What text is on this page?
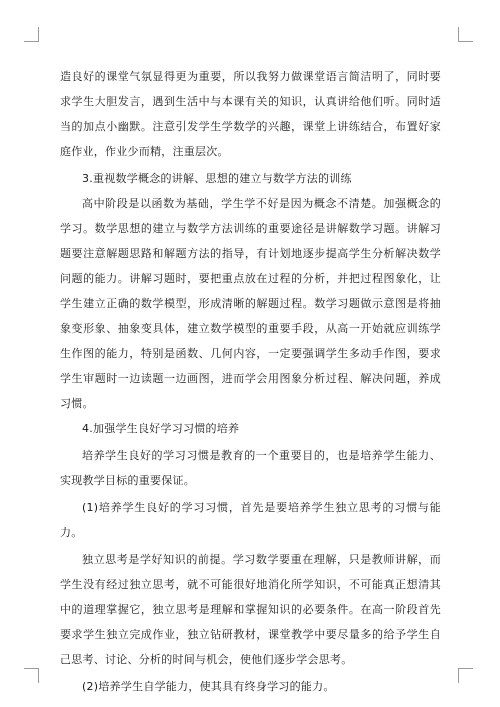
造良好的课堂气氛显得更为重要，所以我努力做课堂语言简洁明了，同时要求学生大胆发言，遇到生活中与本课有关的知识，认真讲给他们听。同时适当的加点小幽默。注意引发学生学数学的兴趣，课堂上讲练结合，布置好家庭作业，作业少而精，注重层次。

3.重视数学概念的讲解、思想的建立与数学方法的训练

高中阶段是以函数为基础，学生学不好是因为概念不清楚。加强概念的学习。数学思想的建立与数学方法训练的重要途径是讲解数学习题。讲解习题要注意解题思路和解题方法的指导，有计划地逐步提高学生分析解决数学问题的能力。讲解习题时，要把重点放在过程的分析，并把过程图象化，让学生建立正确的数学模型，形成清晰的解题过程。数学习题做示意图是将抽象变形象、抽象变具体，建立数学模型的重要手段，从高一开始就应训练学生作图的能力，特别是函数、几何内容，一定要强调学生多动手作图，要求学生审题时一边读题一边画图，进而学会用图象分析过程、解决问题，养成习惯。

4.加强学生良好学习习惯的培养

培养学生良好的学习习惯是教育的一个重要目的，也是培养学生能力、实现教学目标的重要保证。

(1)培养学生良好的学习习惯，首先是要培养学生独立思考的习惯与能力。

独立思考是学好知识的前提。学习数学要重在理解，只是教师讲解，而学生没有经过独立思考，就不可能很好地消化所学知识，不可能真正想清其中的道理掌握它，独立思考是理解和掌握知识的必要条件。在高一阶段首先要求学生独立完成作业，独立钻研教材，课堂教学中要尽量多的给予学生自己思考、讨论、分析的时间与机会，使他们逐步学会思考。

(2)培养学生自学能力，使其具有终身学习的能力。
